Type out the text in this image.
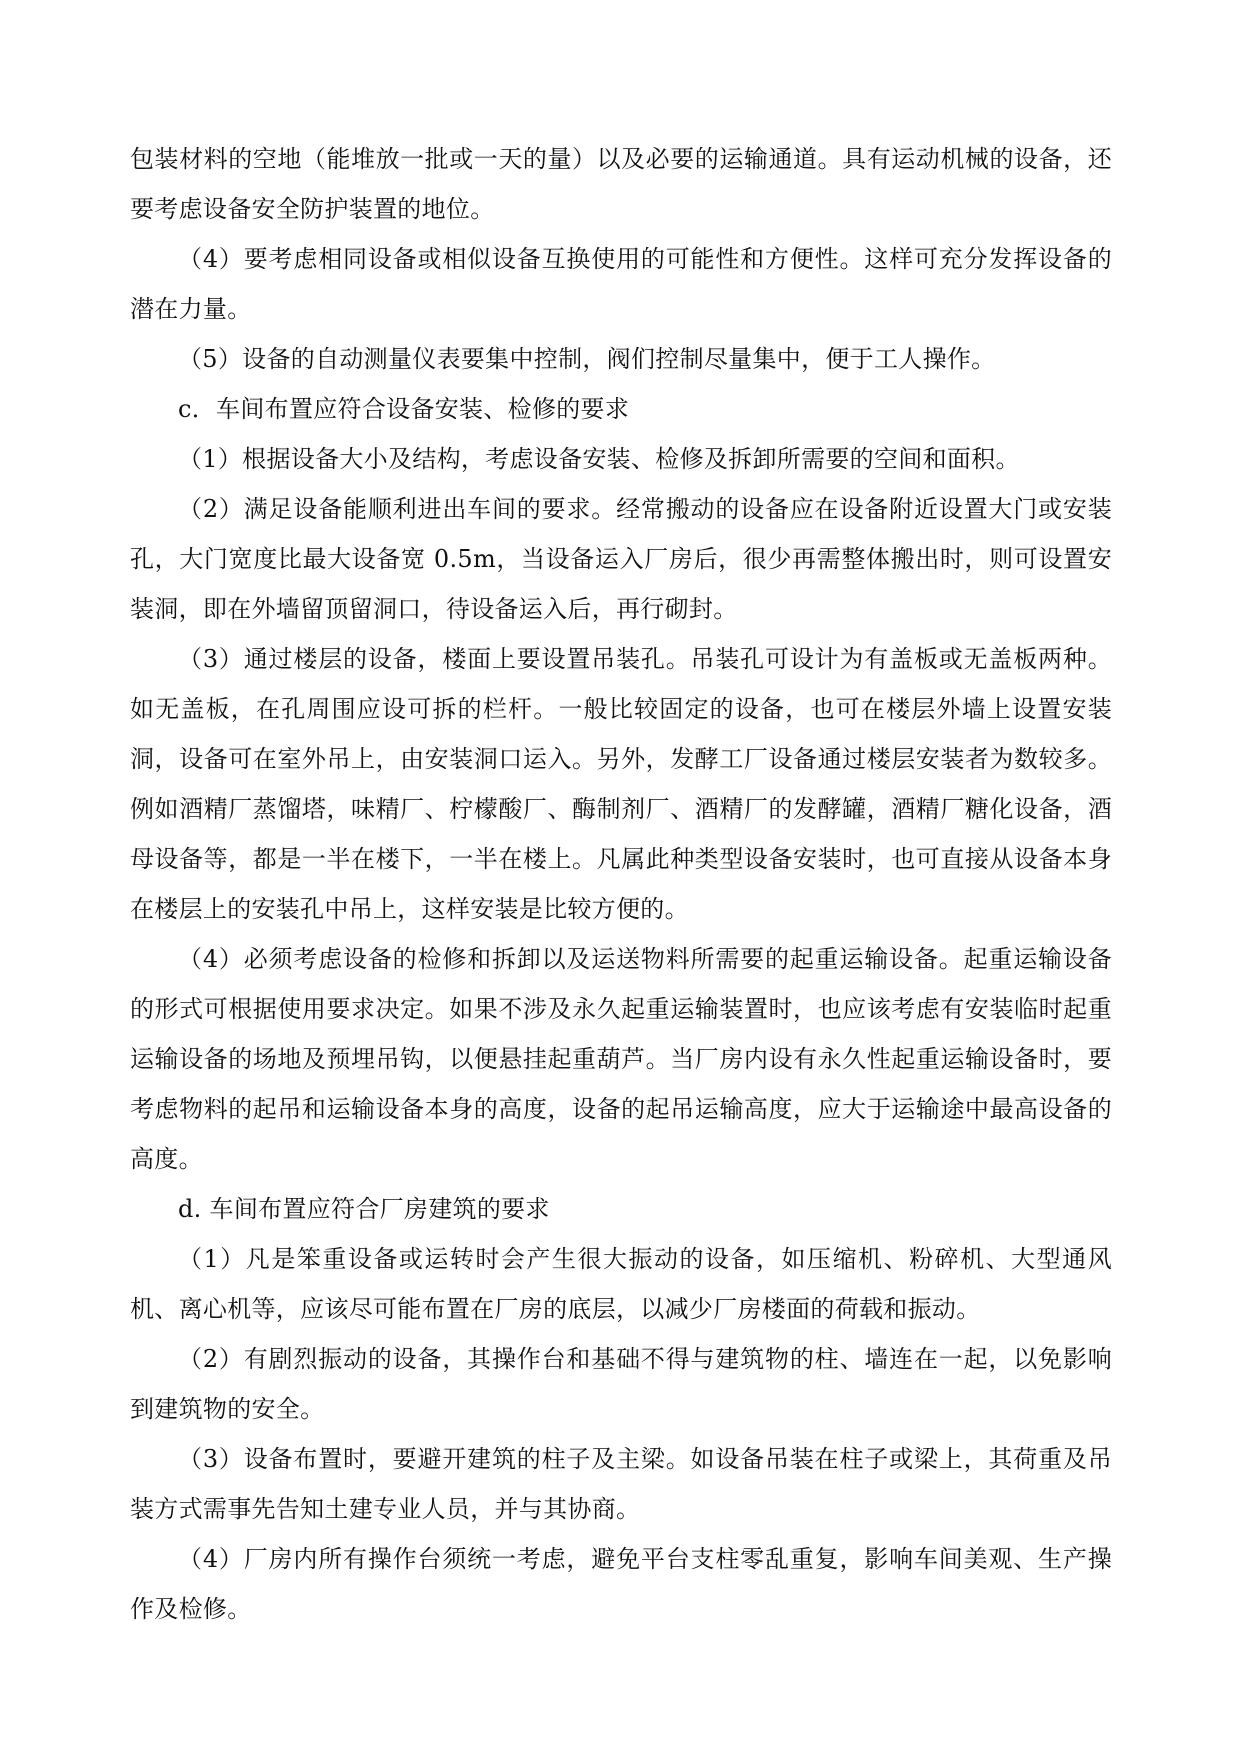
包装材料的空地（能堆放一批或一天的量）以及必要的运输通道。具有运动机械的设备，还要考虑设备安全防护装置的地位。

（4）要考虑相同设备或相似设备互换使用的可能性和方便性。这样可充分发挥设备的潜在力量。

（5）设备的自动测量仪表要集中控制，阀们控制尽量集中，便于工人操作。

c．车间布置应符合设备安装、检修的要求

（1）根据设备大小及结构，考虑设备安装、检修及拆卸所需要的空间和面积。

（2）满足设备能顺利进出车间的要求。经常搬动的设备应在设备附近设置大门或安装孔，大门宽度比最大设备宽 0.5m，当设备运入厂房后，很少再需整体搬出时，则可设置安装洞，即在外墙留顶留洞口，待设备运入后，再行砌封。

（3）通过楼层的设备，楼面上要设置吊装孔。吊装孔可设计为有盖板或无盖板两种。如无盖板，在孔周围应设可拆的栏杆。一般比较固定的设备，也可在楼层外墙上设置安装洞，设备可在室外吊上，由安装洞口运入。另外，发酵工厂设备通过楼层安装者为数较多。例如酒精厂蒸馏塔，味精厂、柠檬酸厂、酶制剂厂、酒精厂的发酵罐，酒精厂糖化设备，酒母设备等，都是一半在楼下，一半在楼上。凡属此种类型设备安装时，也可直接从设备本身在楼层上的安装孔中吊上，这样安装是比较方便的。

（4）必须考虑设备的检修和拆卸以及运送物料所需要的起重运输设备。起重运输设备的形式可根据使用要求决定。如果不涉及永久起重运输装置时，也应该考虑有安装临时起重运输设备的场地及预埋吊钩，以便悬挂起重葫芦。当厂房内设有永久性起重运输设备时，要考虑物料的起吊和运输设备本身的高度，设备的起吊运输高度，应大于运输途中最高设备的高度。

d. 车间布置应符合厂房建筑的要求

（1）凡是笨重设备或运转时会产生很大振动的设备，如压缩机、粉碎机、大型通风机、离心机等，应该尽可能布置在厂房的底层，以减少厂房楼面的荷载和振动。

（2）有剧烈振动的设备，其操作台和基础不得与建筑物的柱、墙连在一起，以免影响到建筑物的安全。

（3）设备布置时，要避开建筑的柱子及主梁。如设备吊装在柱子或梁上，其荷重及吊装方式需事先告知土建专业人员，并与其协商。

（4）厂房内所有操作台须统一考虑，避免平台支柱零乱重复，影响车间美观、生产操作及检修。
